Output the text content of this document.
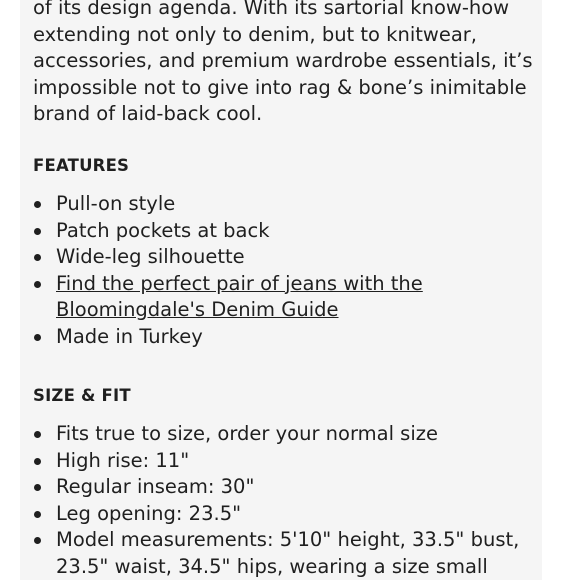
of its design agenda. With its sartorial know-how
extending not only to denim, but to knitwear,
accessories, and premium wardrobe essentials, it’s
impossible not to give into rag & bone’s inimitable
brand of laid-back cool.

FEATURES
Pull-on style
Patch pockets at back
Wide-leg silhouette
Find the perfect pair of jeans with the
Bloomingdale's Denim Guide
Made in Turkey
SIZE & FIT
Fits true to size, order your normal size
High rise: 11"
Regular inseam: 30"
Leg opening: 23.5"
Model measurements: 5'10" height, 33.5" bust,
23.5" waist, 34.5" hips, wearing a size small
